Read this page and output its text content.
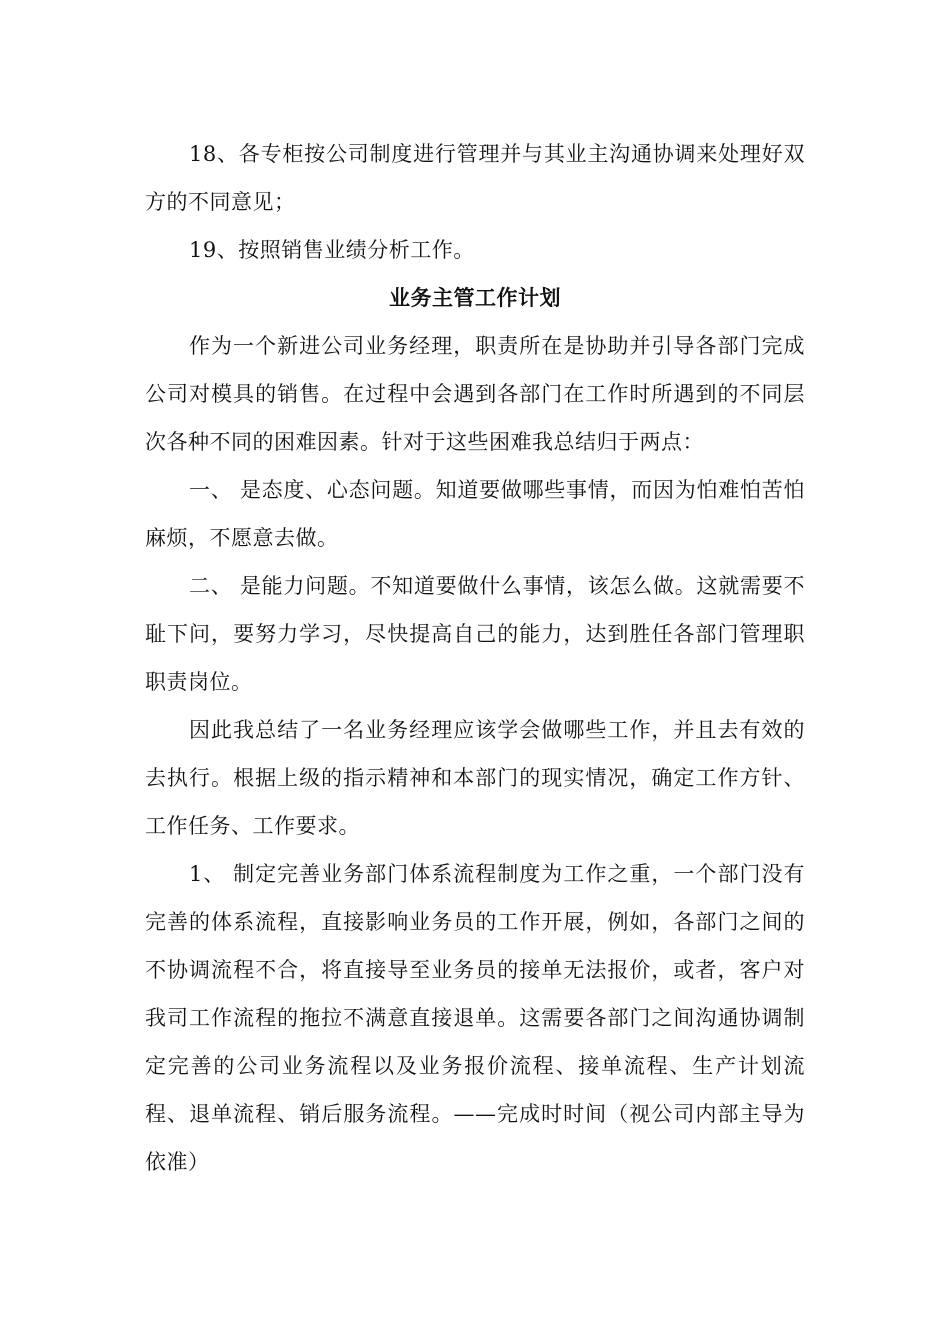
18、各专柜按公司制度进行管理并与其业主沟通协调来处理好双方的不同意见；

19、按照销售业绩分析工作。

业务主管工作计划

作为一个新进公司业务经理，职责所在是协助并引导各部门完成公司对模具的销售。在过程中会遇到各部门在工作时所遇到的不同层次各种不同的困难因素。针对于这些困难我总结归于两点：

一、 是态度、心态问题。知道要做哪些事情，而因为怕难怕苦怕麻烦，不愿意去做。

二、 是能力问题。不知道要做什么事情，该怎么做。这就需要不耻下问，要努力学习，尽快提高自己的能力，达到胜任各部门管理职职责岗位。

因此我总结了一名业务经理应该学会做哪些工作，并且去有效的去执行。根据上级的指示精神和本部门的现实情况，确定工作方针、工作任务、工作要求。

1、 制定完善业务部门体系流程制度为工作之重，一个部门没有完善的体系流程，直接影响业务员的工作开展，例如，各部门之间的不协调流程不合，将直接导至业务员的接单无法报价，或者，客户对我司工作流程的拖拉不满意直接退单。这需要各部门之间沟通协调制定完善的公司业务流程以及业务报价流程、接单流程、生产计划流程、退单流程、销后服务流程。——完成时时间（视公司内部主导为依准）
